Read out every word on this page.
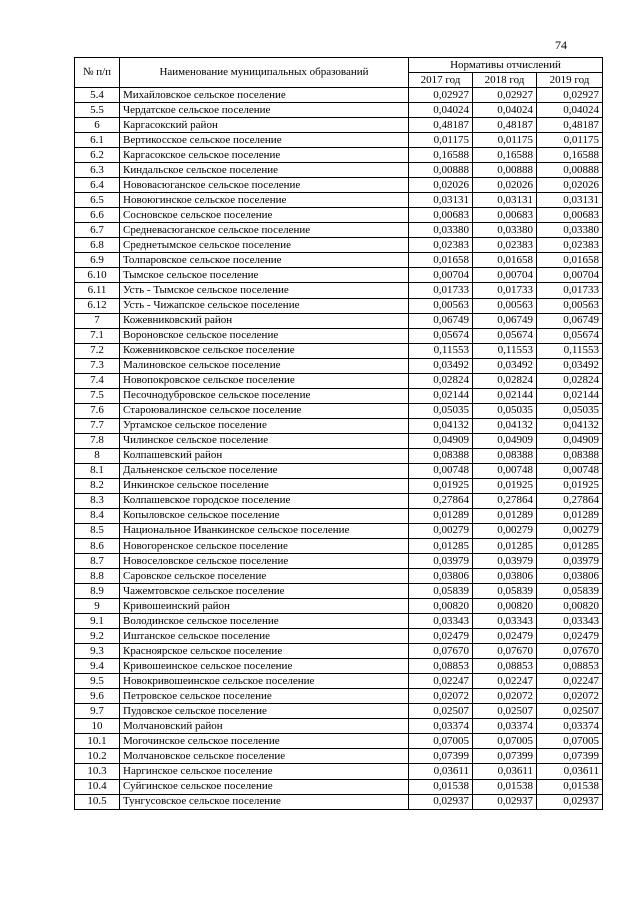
74
№ п/п	Наименование муниципальных образований	Нормативы отчислений		
		2017 год	2018 год	2019 год
5.4	Михайловское сельское поселение	0,02927	0,02927	0,02927
5.5	Чердатское сельское поселение	0,04024	0,04024	0,04024
6	Каргасокский район	0,48187	0,48187	0,48187
6.1	Вертикосское сельское поселение	0,01175	0,01175	0,01175
6.2	Каргасокское сельское поселение	0,16588	0,16588	0,16588
6.3	Киндальское сельское поселение	0,00888	0,00888	0,00888
6.4	Нововасюганское сельское поселение	0,02026	0,02026	0,02026
6.5	Новоюгинское сельское поселение	0,03131	0,03131	0,03131
6.6	Сосновское сельское поселение	0,00683	0,00683	0,00683
6.7	Средневасюганское сельское поселение	0,03380	0,03380	0,03380
6.8	Среднетымское сельское поселение	0,02383	0,02383	0,02383
6.9	Толпаровское сельское поселение	0,01658	0,01658	0,01658
6.10	Тымское сельское поселение	0,00704	0,00704	0,00704
6.11	Усть - Тымское сельское поселение	0,01733	0,01733	0,01733
6.12	Усть - Чижапское сельское поселение	0,00563	0,00563	0,00563
7	Кожевниковский район	0,06749	0,06749	0,06749
7.1	Вороновское сельское поселение	0,05674	0,05674	0,05674
7.2	Кожевниковское сельское поселение	0,11553	0,11553	0,11553
7.3	Малиновское сельское поселение	0,03492	0,03492	0,03492
7.4	Новопокровское сельское поселение	0,02824	0,02824	0,02824
7.5	Песочнодубровское сельское поселение	0,02144	0,02144	0,02144
7.6	Староювалинское сельское поселение	0,05035	0,05035	0,05035
7.7	Уртамское сельское поселение	0,04132	0,04132	0,04132
7.8	Чилинское сельское поселение	0,04909	0,04909	0,04909
8	Колпашевский район	0,08388	0,08388	0,08388
8.1	Дальненское сельское поселение	0,00748	0,00748	0,00748
8.2	Инкинское сельское поселение	0,01925	0,01925	0,01925
8.3	Колпашевское городское поселение	0,27864	0,27864	0,27864
8.4	Копыловское сельское поселение	0,01289	0,01289	0,01289
8.5	Национальное Иванкинское сельское поселение	0,00279	0,00279	0,00279
8.6	Новогоренское сельское поселение	0,01285	0,01285	0,01285
8.7	Новоселовское сельское поселение	0,03979	0,03979	0,03979
8.8	Саровское сельское поселение	0,03806	0,03806	0,03806
8.9	Чажемтовское сельское поселение	0,05839	0,05839	0,05839
9	Кривошеинский район	0,00820	0,00820	0,00820
9.1	Володинское сельское поселение	0,03343	0,03343	0,03343
9.2	Иштанское сельское поселение	0,02479	0,02479	0,02479
9.3	Красноярское сельское поселение	0,07670	0,07670	0,07670
9.4	Кривошеинское сельское поселение	0,08853	0,08853	0,08853
9.5	Новокривошеинское сельское поселение	0,02247	0,02247	0,02247
9.6	Петровское сельское поселение	0,02072	0,02072	0,02072
9.7	Пудовское сельское поселение	0,02507	0,02507	0,02507
10	Молчановский район	0,03374	0,03374	0,03374
10.1	Могочинское сельское поселение	0,07005	0,07005	0,07005
10.2	Молчановское сельское поселение	0,07399	0,07399	0,07399
10.3	Наргинское сельское поселение	0,03611	0,03611	0,03611
10.4	Суйгинское сельское поселение	0,01538	0,01538	0,01538
10.5	Тунгусовское сельское поселение	0,02937	0,02937	0,02937
